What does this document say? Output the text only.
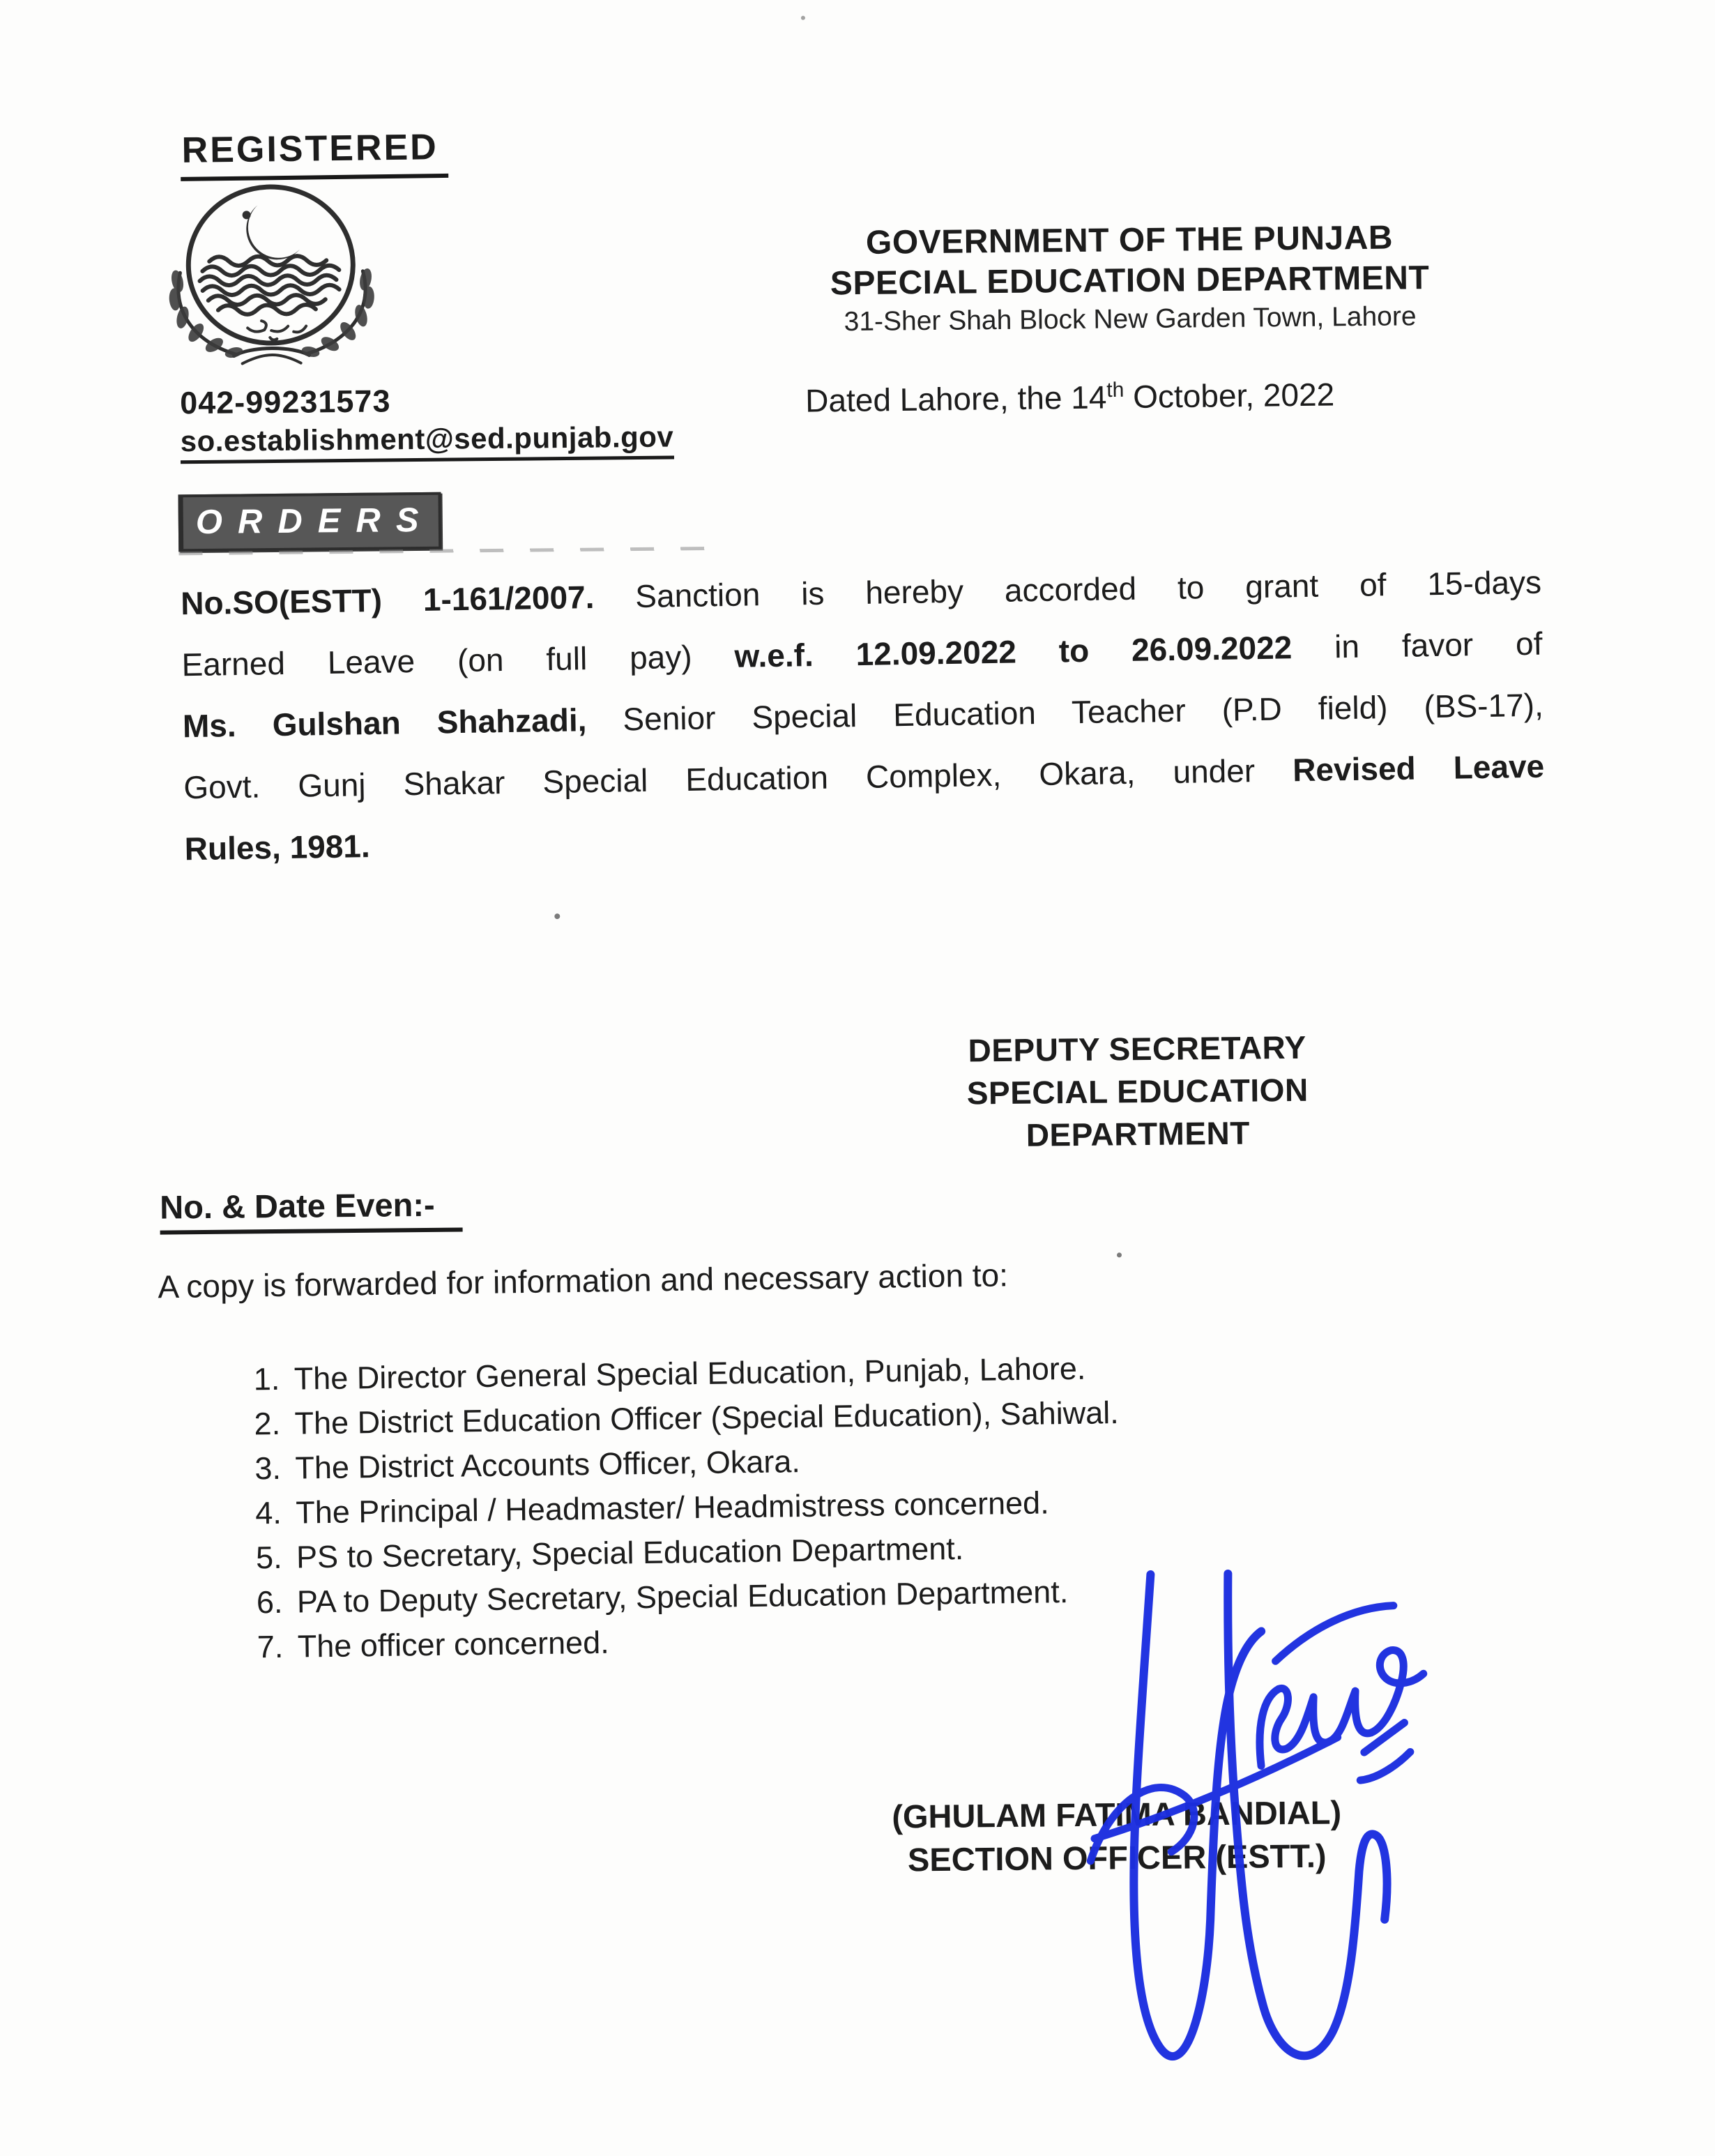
REGISTERED
042-99231573
so.establishment@sed.punjab.gov
GOVERNMENT OF THE PUNJAB
SPECIAL EDUCATION DEPARTMENT
31-Sher Shah Block New Garden Town, Lahore
Dated Lahore, the 14th October, 2022
ORDERS
No.SO(ESTT) 1-161/2007. Sanction is hereby accorded to grant of 15-days
Earned Leave (on full pay) w.e.f. 12.09.2022 to 26.09.2022 in favor of
Ms. Gulshan Shahzadi, Senior Special Education Teacher (P.D field) (BS-17),
Govt. Gunj Shakar Special Education Complex, Okara, under Revised Leave
Rules, 1981.
DEPUTY SECRETARY
SPECIAL EDUCATION
DEPARTMENT
No. & Date Even:-
A copy is forwarded for information and necessary action to:
1. The Director General Special Education, Punjab, Lahore.
2. The District Education Officer (Special Education), Sahiwal.
3. The District Accounts Officer, Okara.
4. The Principal / Headmaster/ Headmistress concerned.
5. PS to Secretary, Special Education Department.
6. PA to Deputy Secretary, Special Education Department.
7. The officer concerned.
(GHULAM FATIMA BANDIAL)
SECTION OFFICER (ESTT.)
